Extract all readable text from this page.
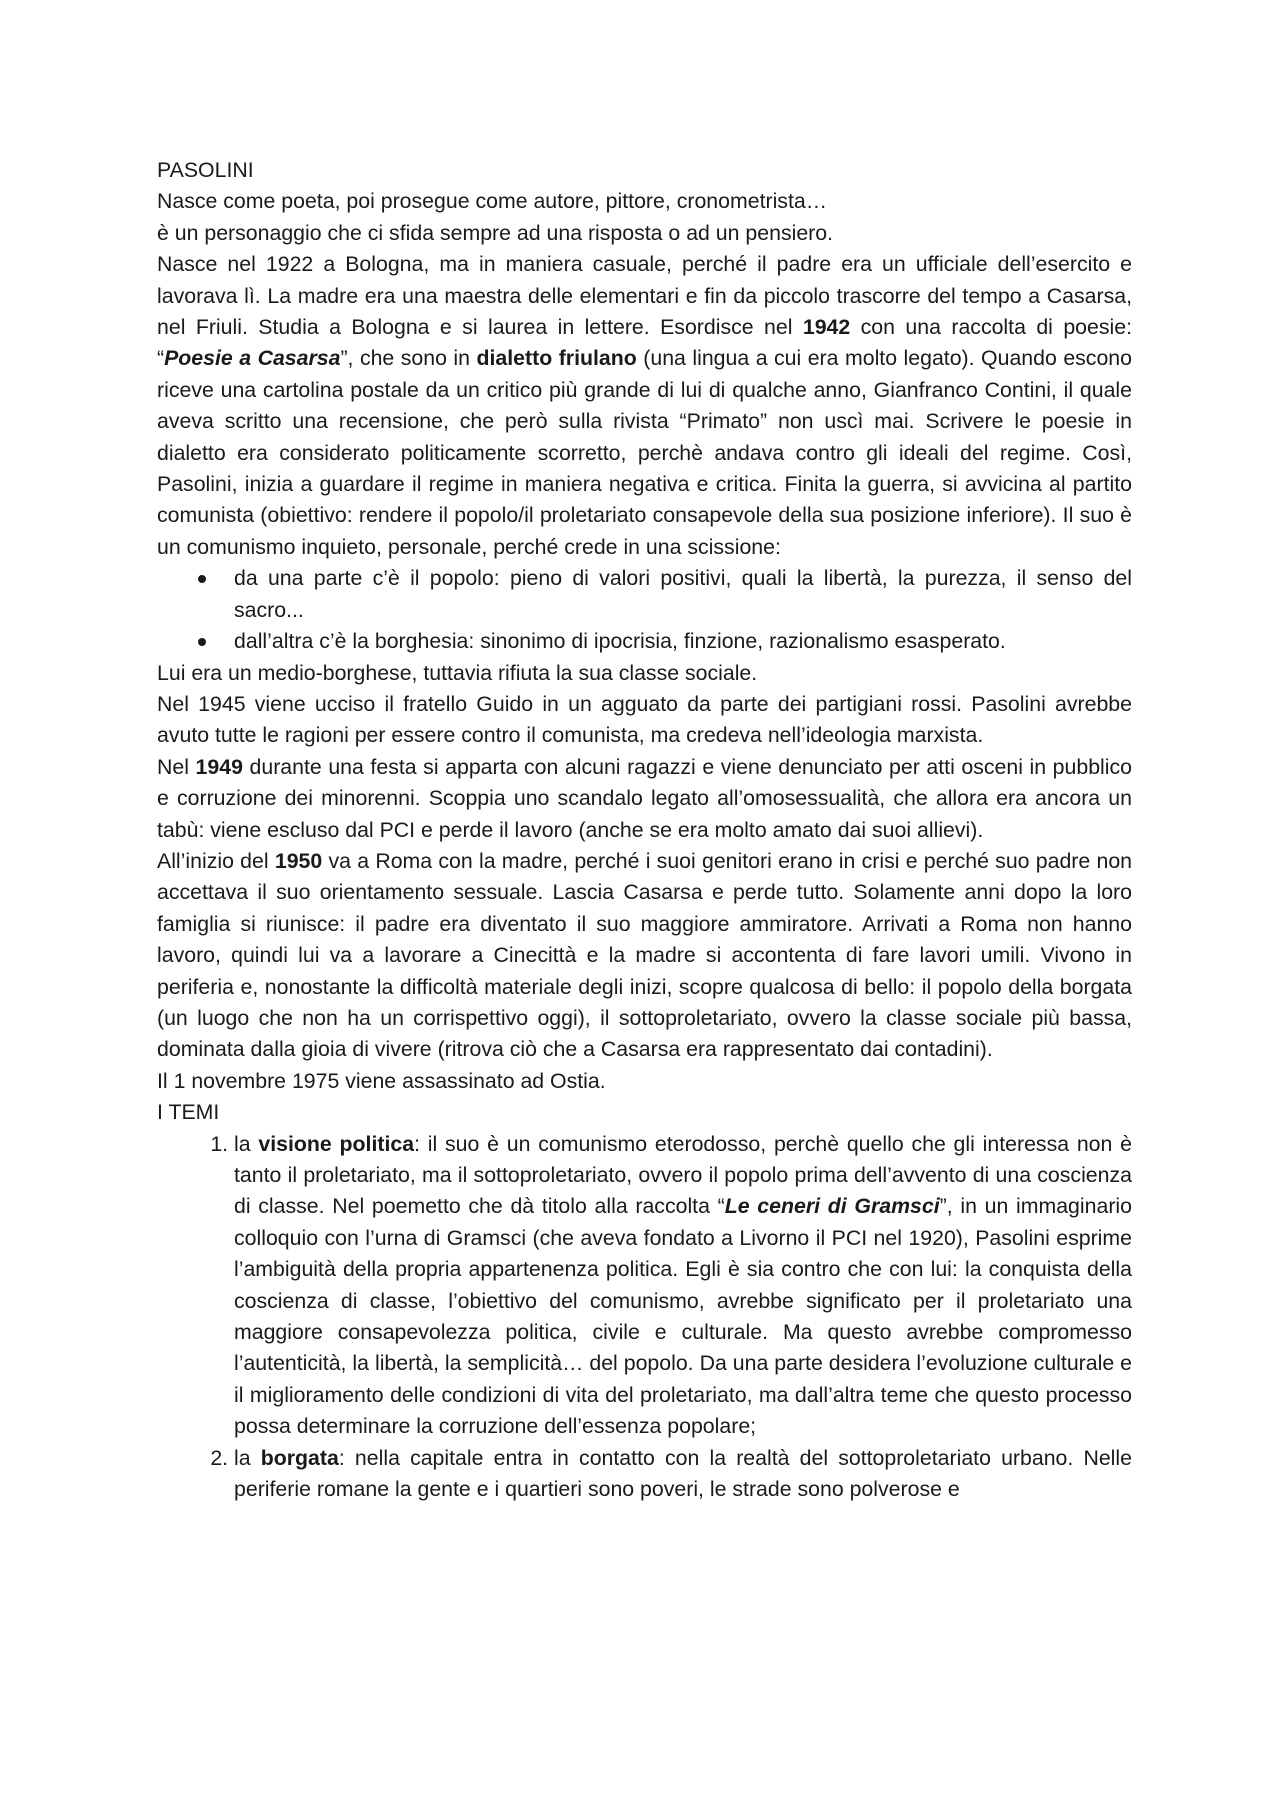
PASOLINI
Nasce come poeta, poi prosegue come autore, pittore, cronometrista…
è un personaggio che ci sfida sempre ad una risposta o ad un pensiero.

Nasce nel 1922 a Bologna, ma in maniera casuale, perché il padre era un ufficiale dell’esercito e lavorava lì. La madre era una maestra delle elementari e fin da piccolo trascorre del tempo a Casarsa, nel Friuli. Studia a Bologna e si laurea in lettere. Esordisce nel 1942 con una raccolta di poesie: “Poesie a Casarsa”, che sono in dialetto friulano (una lingua a cui era molto legato). Quando escono riceve una cartolina postale da un critico più grande di lui di qualche anno, Gianfranco Contini, il quale aveva scritto una recensione, che però sulla rivista “Primato” non uscì mai. Scrivere le poesie in dialetto era considerato politicamente scorretto, perchè andava contro gli ideali del regime. Così, Pasolini, inizia a guardare il regime in maniera negativa e critica. Finita la guerra, si avvicina al partito comunista (obiettivo: rendere il popolo/il proletariato consapevole della sua posizione inferiore). Il suo è un comunismo inquieto, personale, perché crede in una scissione:

da una parte c’è il popolo: pieno di valori positivi, quali la libertà, la purezza, il senso del sacro...
dall’altra c’è la borghesia: sinonimo di ipocrisia, finzione, razionalismo esasperato.
Lui era un medio-borghese, tuttavia rifiuta la sua classe sociale.

Nel 1945 viene ucciso il fratello Guido in un agguato da parte dei partigiani rossi. Pasolini avrebbe avuto tutte le ragioni per essere contro il comunista, ma credeva nell’ideologia marxista.

Nel 1949 durante una festa si apparta con alcuni ragazzi e viene denunciato per atti osceni in pubblico e corruzione dei minorenni. Scoppia uno scandalo legato all’omosessualità, che allora era ancora un tabù: viene escluso dal PCI e perde il lavoro (anche se era molto amato dai suoi allievi).

All’inizio del 1950 va a Roma con la madre, perché i suoi genitori erano in crisi e perché suo padre non accettava il suo orientamento sessuale. Lascia Casarsa e perde tutto. Solamente anni dopo la loro famiglia si riunisce: il padre era diventato il suo maggiore ammiratore. Arrivati a Roma non hanno lavoro, quindi lui va a lavorare a Cinecittà e la madre si accontenta di fare lavori umili. Vivono in periferia e, nonostante la difficoltà materiale degli inizi, scopre qualcosa di bello: il popolo della borgata (un luogo che non ha un corrispettivo oggi), il sottoproletariato, ovvero la classe sociale più bassa, dominata dalla gioia di vivere (ritrova ciò che a Casarsa era rappresentato dai contadini).

Il 1 novembre 1975 viene assassinato ad Ostia.
I TEMI
1. la visione politica: il suo è un comunismo eterodosso, perchè quello che gli interessa non è tanto il proletariato, ma il sottoproletariato, ovvero il popolo prima dell’avvento di una coscienza di classe. Nel poemetto che dà titolo alla raccolta “Le ceneri di Gramsci”, in un immaginario colloquio con l’urna di Gramsci (che aveva fondato a Livorno il PCI nel 1920), Pasolini esprime l’ambiguità della propria appartenenza politica. Egli è sia contro che con lui: la conquista della coscienza di classe, l’obiettivo del comunismo, avrebbe significato per il proletariato una maggiore consapevolezza politica, civile e culturale. Ma questo avrebbe compromesso l’autenticità, la libertà, la semplicità… del popolo. Da una parte desidera l’evoluzione culturale e il miglioramento delle condizioni di vita del proletariato, ma dall’altra teme che questo processo possa determinare la corruzione dell’essenza popolare;
2. la borgata: nella capitale entra in contatto con la realtà del sottoproletariato urbano. Nelle periferie romane la gente e i quartieri sono poveri, le strade sono polverose e
